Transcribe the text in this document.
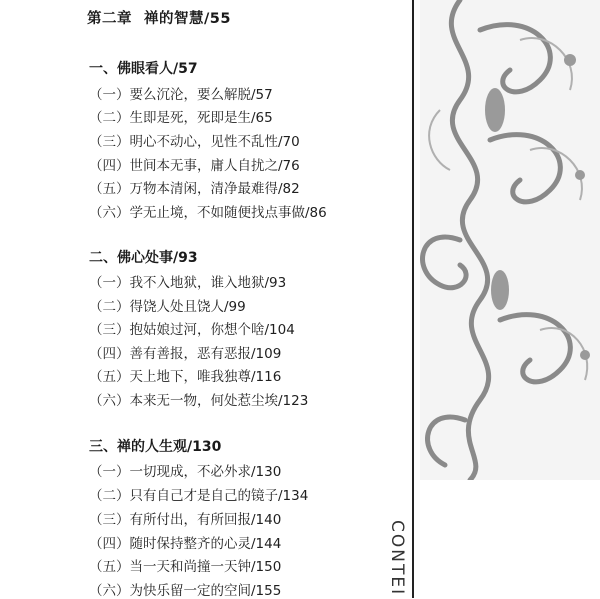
第二章 禅的智慧/55
一、佛眼看人/57
（一）要么沉沦，要么解脱/57
（二）生即是死，死即是生/65
（三）明心不动心，见性不乱性/70
（四）世间本无事，庸人自扰之/76
（五）万物本清闲，清净最难得/82
（六）学无止境，不如随便找点事做/86
二、佛心处事/93
（一）我不入地狱，谁入地狱/93
（二）得饶人处且饶人/99
（三）抱姑娘过河，你想个啥/104
（四）善有善报，恶有恶报/109
（五）天上地下，唯我独尊/116
（六）本来无一物，何处惹尘埃/123
三、禅的人生观/130
（一）一切现成，不必外求/130
（二）只有自己才是自己的镜子/134
（三）有所付出，有所回报/140
（四）随时保持整齐的心灵/144
（五）当一天和尚撞一天钟/150
（六）为快乐留一定的空间/155	CONTEI
